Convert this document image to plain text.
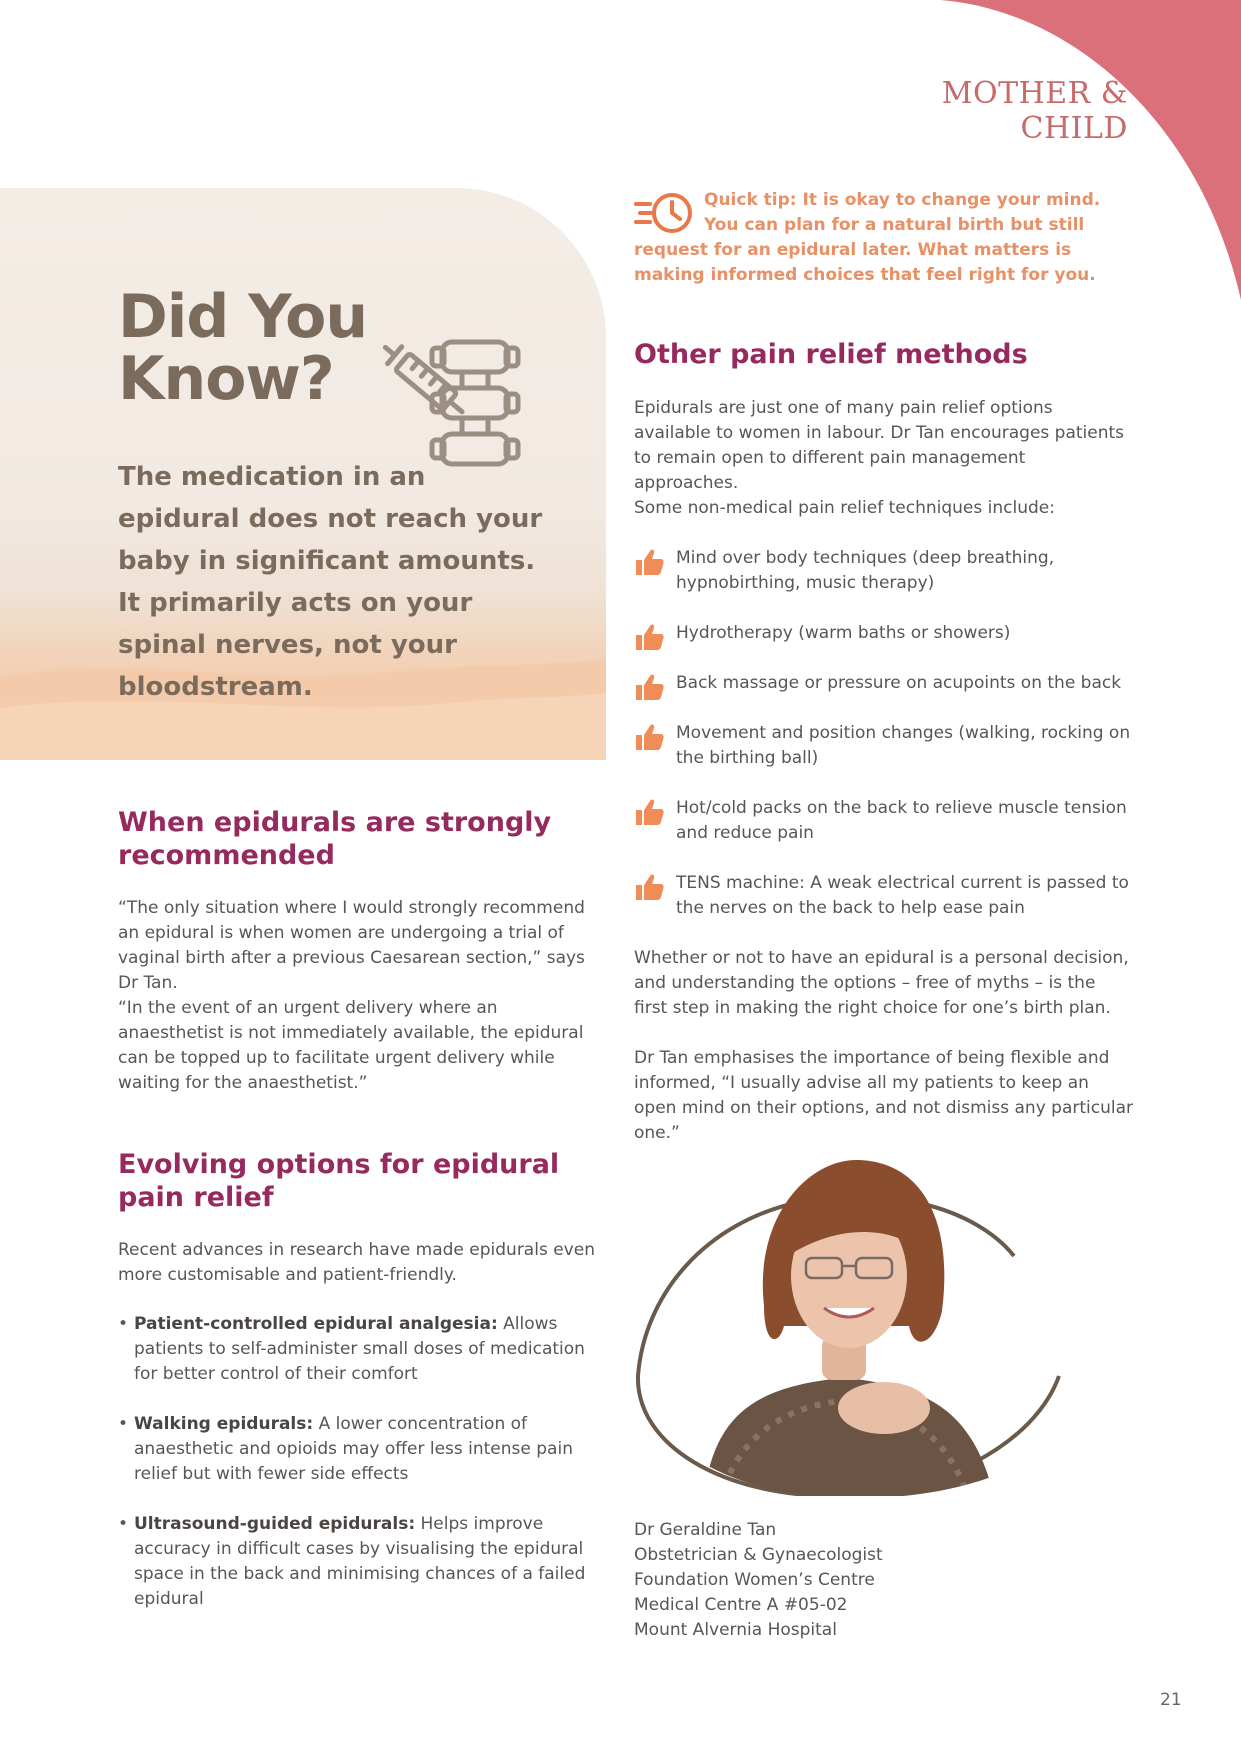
MOTHER & CHILD
Did You Know?
The medication in an epidural does not reach your baby in significant amounts. It primarily acts on your spinal nerves, not your bloodstream.
When epidurals are strongly recommended

“The only situation where I would strongly recommend an epidural is when women are undergoing a trial of vaginal birth after a previous Caesarean section,” says Dr Tan.

“In the event of an urgent delivery where an anaesthetist is not immediately available, the epidural can be topped up to facilitate urgent delivery while waiting for the anaesthetist.”

Evolving options for epidural pain relief

Recent advances in research have made epidurals even more customisable and patient-friendly.

• Patient-controlled epidural analgesia: Allows patients to self-administer small doses of medication for better control of their comfort
• Walking epidurals: A lower concentration of anaesthetic and opioids may offer less intense pain relief but with fewer side effects
• Ultrasound-guided epidurals: Helps improve accuracy in difficult cases by visualising the epidural space in the back and minimising chances of a failed epidural
Quick tip: It is okay to change your mind. You can plan for a natural birth but still request for an epidural later. What matters is making informed choices that feel right for you.
Other pain relief methods

Epidurals are just one of many pain relief options available to women in labour. Dr Tan encourages patients to remain open to different pain management approaches.

Some non-medical pain relief techniques include:

Mind over body techniques (deep breathing, hypnobirthing, music therapy)
Hydrotherapy (warm baths or showers)
Back massage or pressure on acupoints on the back
Movement and position changes (walking, rocking on the birthing ball)
Hot/cold packs on the back to relieve muscle tension and reduce pain
TENS machine: A weak electrical current is passed to the nerves on the back to help ease pain

Whether or not to have an epidural is a personal decision, and understanding the options – free of myths – is the first step in making the right choice for one’s birth plan.

Dr Tan emphasises the importance of being flexible and informed, “I usually advise all my patients to keep an open mind on their options, and not dismiss any particular one.”

Dr Geraldine Tan
Obstetrician & Gynaecologist
Foundation Women’s Centre
Medical Centre A #05-02
Mount Alvernia Hospital
21
